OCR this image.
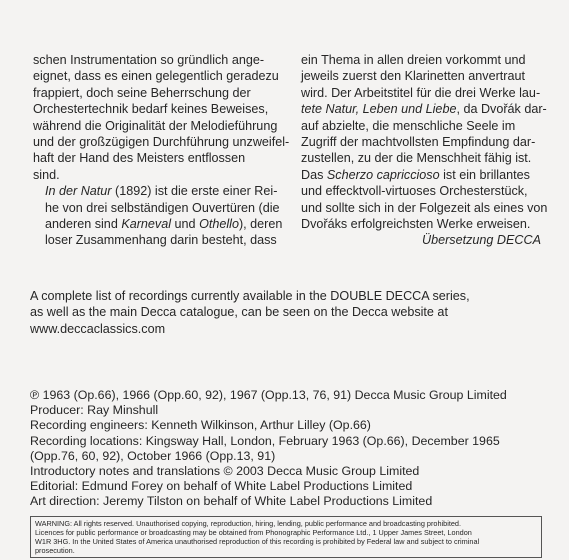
schen Instrumentation so gründlich ange-
eignet, dass es einen gelegentlich geradezu
frappiert, doch seine Beherrschung der
Orchestertechnik bedarf keines Beweises,
während die Originalität der Melodieführung
und der großzügigen Durchführung unzweifel-
haft der Hand des Meisters entflossen
sind.

In der Natur (1892) ist die erste einer Rei-
he von drei selbständigen Ouvertüren (die
anderen sind Karneval und Othello), deren
loser Zusammenhang darin besteht, dass

ein Thema in allen dreien vorkommt und
jeweils zuerst den Klarinetten anvertraut
wird. Der Arbeitstitel für die drei Werke lau-
tete Natur, Leben und Liebe, da Dvořák dar-
auf abzielte, die menschliche Seele im
Zugriff der machtvollsten Empfindung dar-
zustellen, zu der die Menschheit fähig ist.
Das Scherzo capriccioso ist ein brillantes
und effecktvoll-virtuoses Orchesterstück,
und sollte sich in der Folgezeit als eines von
Dvořáks erfolgreichsten Werke erweisen.
Übersetzung DECCA
A complete list of recordings currently available in the DOUBLE DECCA series,
as well as the main Decca catalogue, can be seen on the Decca website at
www.deccaclassics.com
℗ 1963 (Op.66), 1966 (Opp.60, 92), 1967 (Opp.13, 76, 91) Decca Music Group Limited
Producer: Ray Minshull
Recording engineers: Kenneth Wilkinson, Arthur Lilley (Op.66)
Recording locations: Kingsway Hall, London, February 1963 (Op.66), December 1965
(Opp.76, 60, 92), October 1966 (Opp.13, 91)
Introductory notes and translations © 2003 Decca Music Group Limited
Editorial: Edmund Forey on behalf of White Label Productions Limited
Art direction: Jeremy Tilston on behalf of White Label Productions Limited
WARNING: All rights reserved. Unauthorised copying, reproduction, hiring, lending, public performance and broadcasting prohibited.
Licences for public performance or broadcasting may be obtained from Phonographic Performance Ltd., 1 Upper James Street, London
W1R 3HG. In the United States of America unauthorised reproduction of this recording is prohibited by Federal law and subject to criminal
prosecution.
